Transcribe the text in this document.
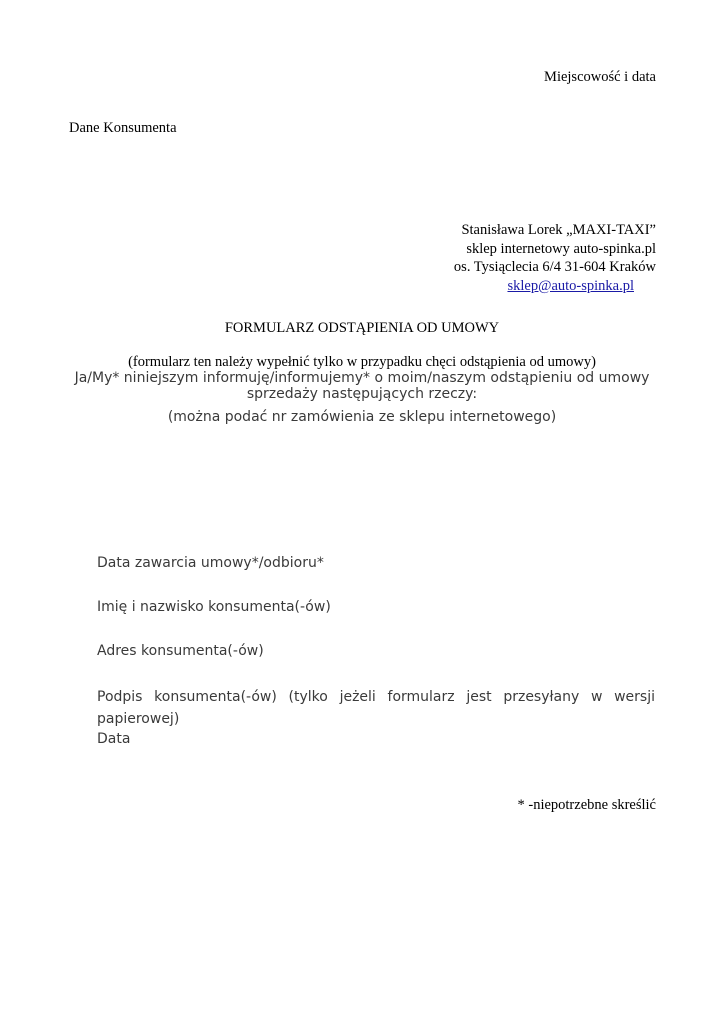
Miejscowość i data
Dane Konsumenta
Stanisława Lorek „MAXI-TAXI”
sklep internetowy auto-spinka.pl
os. Tysiąclecia 6/4 31-604 Kraków
sklep@auto-spinka.pl
FORMULARZ ODSTĄPIENIA OD UMOWY
(formularz ten należy wypełnić tylko w przypadku chęci odstąpienia od umowy)
Ja/My* niniejszym informuję/informujemy* o moim/naszym odstąpieniu od umowy sprzedaży następujących rzeczy:
(można podać nr zamówienia ze sklepu internetowego)
Data zawarcia umowy*/odbioru*
Imię i nazwisko konsumenta(-ów)
Adres konsumenta(-ów)
Podpis konsumenta(-ów) (tylko jeżeli formularz jest przesyłany w wersji
papierowej)
Data
* -niepotrzebne skreślić
